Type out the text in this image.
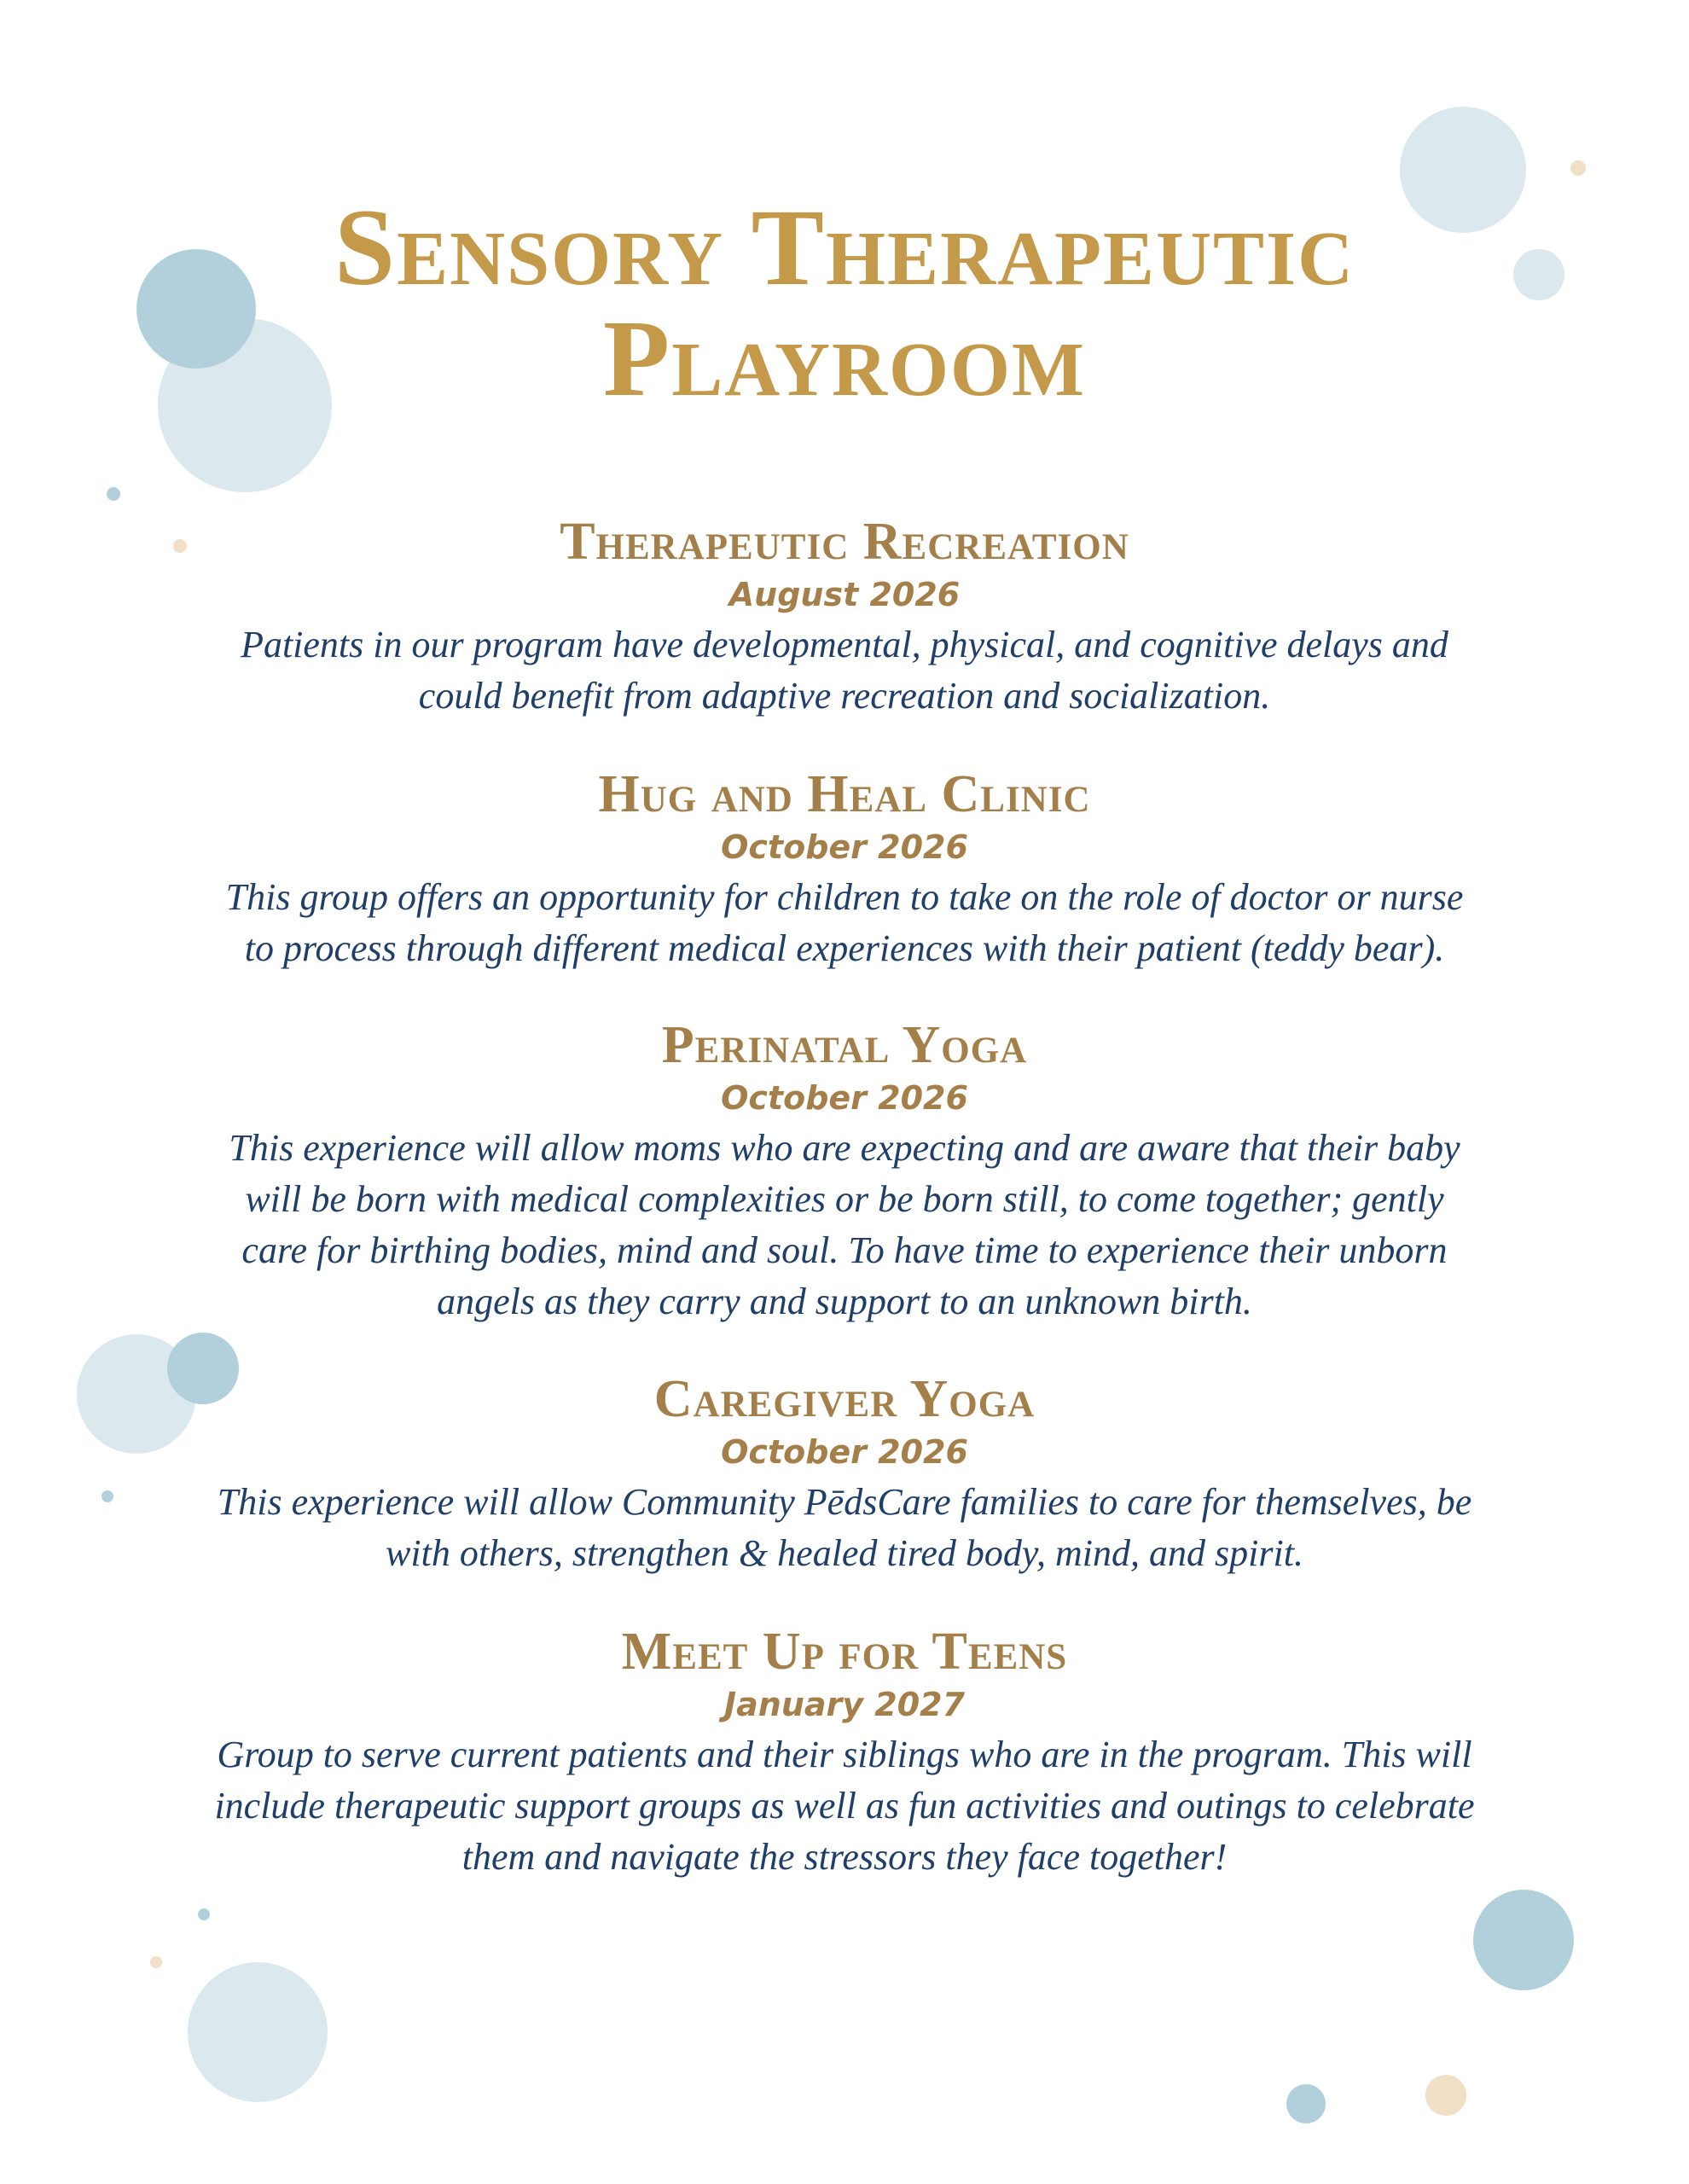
Sensory Therapeutic
Playroom
Therapeutic Recreation

August 2026

Patients in our program have developmental, physical, and cognitive delays and
could benefit from adaptive recreation and socialization.

Hug and Heal Clinic

October 2026

This group offers an opportunity for children to take on the role of doctor or nurse
to process through different medical experiences with their patient (teddy bear).

Perinatal Yoga

October 2026

This experience will allow moms who are expecting and are aware that their baby
will be born with medical complexities or be born still, to come together; gently
care for birthing bodies, mind and soul. To have time to experience their unborn
angels as they carry and support to an unknown birth.

Caregiver Yoga

October 2026

This experience will allow Community PēdsCare families to care for themselves, be
with others, strengthen & healed tired body, mind, and spirit.

Meet Up for Teens

January 2027

Group to serve current patients and their siblings who are in the program. This will
include therapeutic support groups as well as fun activities and outings to celebrate
them and navigate the stressors they face together!
